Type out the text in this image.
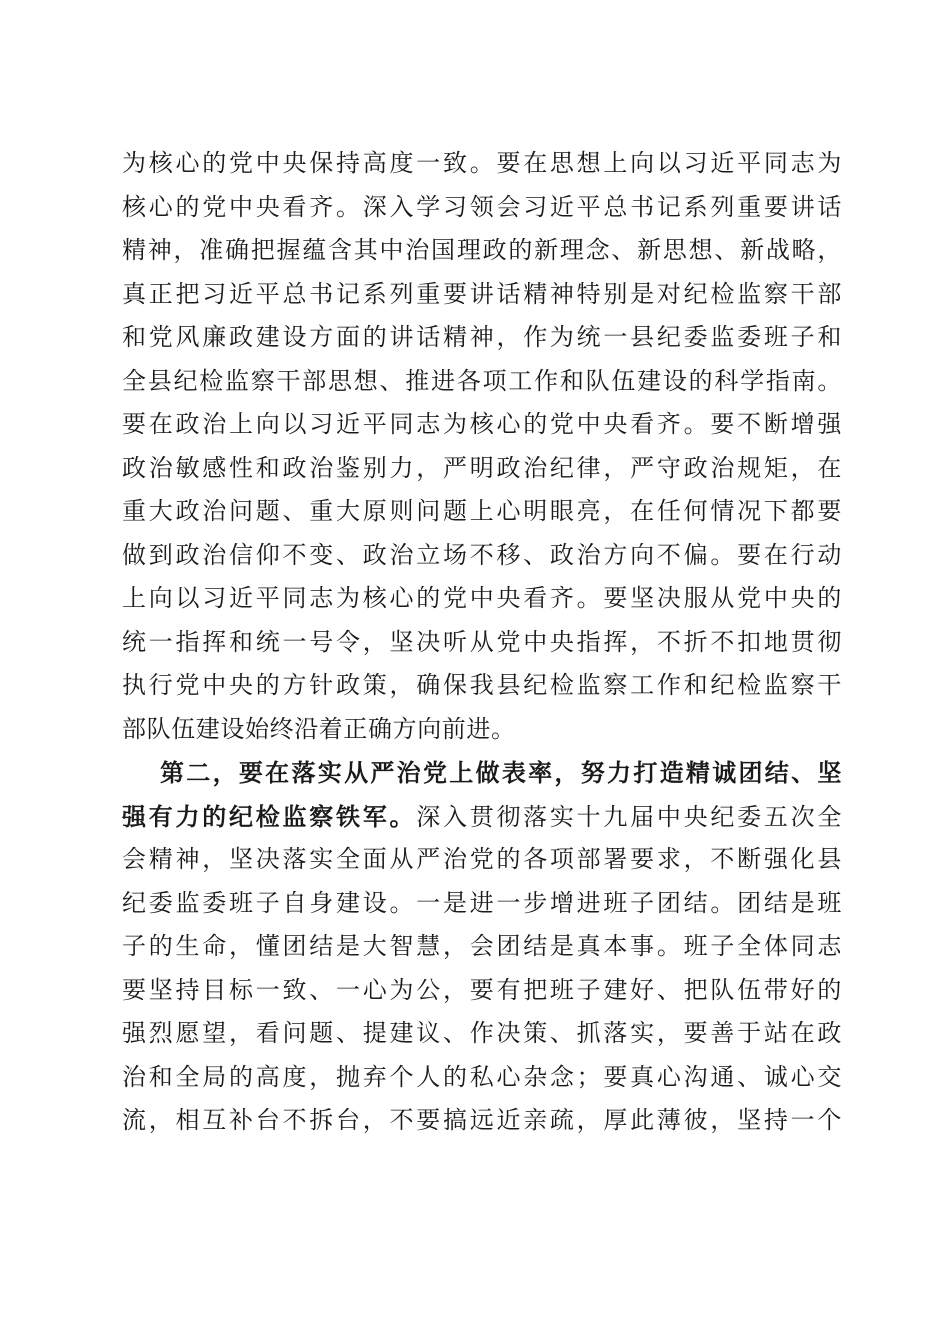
为核心的党中央保持高度一致。要在思想上向以习近平同志为
核心的党中央看齐。深入学习领会习近平总书记系列重要讲话
精神，准确把握蕴含其中治国理政的新理念、新思想、新战略，
真正把习近平总书记系列重要讲话精神特别是对纪检监察干部
和党风廉政建设方面的讲话精神，作为统一县纪委监委班子和
全县纪检监察干部思想、推进各项工作和队伍建设的科学指南。
要在政治上向以习近平同志为核心的党中央看齐。要不断增强
政治敏感性和政治鉴别力，严明政治纪律，严守政治规矩，在
重大政治问题、重大原则问题上心明眼亮，在任何情况下都要
做到政治信仰不变、政治立场不移、政治方向不偏。要在行动
上向以习近平同志为核心的党中央看齐。要坚决服从党中央的
统一指挥和统一号令，坚决听从党中央指挥，不折不扣地贯彻
执行党中央的方针政策，确保我县纪检监察工作和纪检监察干
部队伍建设始终沿着正确方向前进。
第二，要在落实从严治党上做表率，努力打造精诚团结、坚
强有力的纪检监察铁军。深入贯彻落实十九届中央纪委五次全
会精神，坚决落实全面从严治党的各项部署要求，不断强化县
纪委监委班子自身建设。一是进一步增进班子团结。团结是班
子的生命，懂团结是大智慧，会团结是真本事。班子全体同志
要坚持目标一致、一心为公，要有把班子建好、把队伍带好的
强烈愿望，看问题、提建议、作决策、抓落实，要善于站在政
治和全局的高度，抛弃个人的私心杂念；要真心沟通、诚心交
流，相互补台不拆台，不要搞远近亲疏，厚此薄彼，坚持一个
